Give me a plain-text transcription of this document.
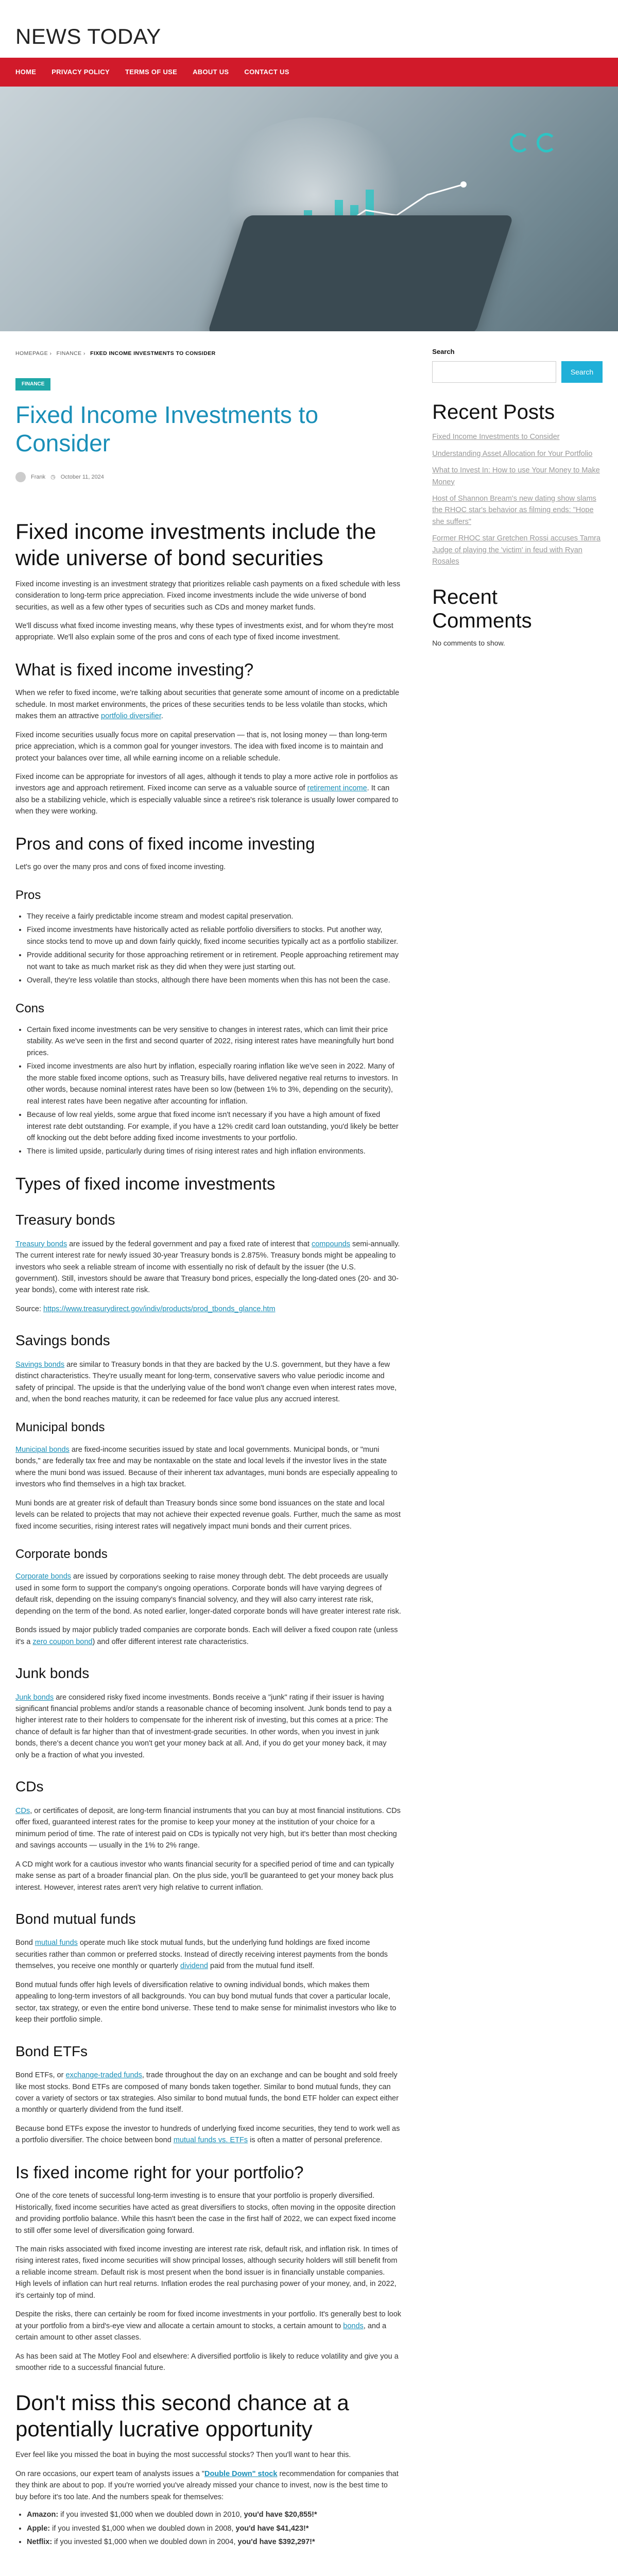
NEWS TODAY
HOME PRIVACY POLICY TERMS OF USE ABOUT US CONTACT US
HOMEPAGE › FINANCE › FIXED INCOME INVESTMENTS TO CONSIDER
FINANCE
Fixed Income Investments to Consider
Frank ◷ October 11, 2024
Fixed income investments include the wide universe of bond securities

Fixed income investing is an investment strategy that prioritizes reliable cash payments on a fixed schedule with less consideration to long-term price appreciation. Fixed income investments include the wide universe of bond securities, as well as a few other types of securities such as CDs and money market funds.

We'll discuss what fixed income investing means, why these types of investments exist, and for whom they're most appropriate. We'll also explain some of the pros and cons of each type of fixed income investment.

What is fixed income investing?

When we refer to fixed income, we're talking about securities that generate some amount of income on a predictable schedule. In most market environments, the prices of these securities tends to be less volatile than stocks, which makes them an attractive portfolio diversifier.

Fixed income securities usually focus more on capital preservation — that is, not losing money — than long-term price appreciation, which is a common goal for younger investors. The idea with fixed income is to maintain and protect your balances over time, all while earning income on a reliable schedule.

Fixed income can be appropriate for investors of all ages, although it tends to play a more active role in portfolios as investors age and approach retirement. Fixed income can serve as a valuable source of retirement income. It can also be a stabilizing vehicle, which is especially valuable since a retiree's risk tolerance is usually lower compared to when they were working.

Pros and cons of fixed income investing

Let's go over the many pros and cons of fixed income investing.

Pros
• They receive a fairly predictable income stream and modest capital preservation.
• Fixed income investments have historically acted as reliable portfolio diversifiers to stocks. Put another way, since stocks tend to move up and down fairly quickly, fixed income securities typically act as a portfolio stabilizer.
• Provide additional security for those approaching retirement or in retirement. People approaching retirement may not want to take as much market risk as they did when they were just starting out.
• Overall, they're less volatile than stocks, although there have been moments when this has not been the case.
Cons
• Certain fixed income investments can be very sensitive to changes in interest rates, which can limit their price stability. As we've seen in the first and second quarter of 2022, rising interest rates have meaningfully hurt bond prices.
• Fixed income investments are also hurt by inflation, especially roaring inflation like we've seen in 2022. Many of the more stable fixed income options, such as Treasury bills, have delivered negative real returns to investors. In other words, because nominal interest rates have been so low (between 1% to 3%, depending on the security), real interest rates have been negative after accounting for inflation.
• Because of low real yields, some argue that fixed income isn't necessary if you have a high amount of fixed interest rate debt outstanding. For example, if you have a 12% credit card loan outstanding, you'd likely be better off knocking out the debt before adding fixed income investments to your portfolio.
• There is limited upside, particularly during times of rising interest rates and high inflation environments.
Types of fixed income investments
Treasury bonds

Treasury bonds are issued by the federal government and pay a fixed rate of interest that compounds semi-annually. The current interest rate for newly issued 30-year Treasury bonds is 2.875%. Treasury bonds might be appealing to investors who seek a reliable stream of income with essentially no risk of default by the issuer (the U.S. government). Still, investors should be aware that Treasury bond prices, especially the long-dated ones (20- and 30-year bonds), come with interest rate risk.

Source: https://www.treasurydirect.gov/indiv/products/prod_tbonds_glance.htm

Savings bonds

Savings bonds are similar to Treasury bonds in that they are backed by the U.S. government, but they have a few distinct characteristics. They're usually meant for long-term, conservative savers who value periodic income and safety of principal. The upside is that the underlying value of the bond won't change even when interest rates move, and, when the bond reaches maturity, it can be redeemed for face value plus any accrued interest.

Municipal bonds

Municipal bonds are fixed-income securities issued by state and local governments. Municipal bonds, or "muni bonds," are federally tax free and may be nontaxable on the state and local levels if the investor lives in the state where the muni bond was issued. Because of their inherent tax advantages, muni bonds are especially appealing to investors who find themselves in a high tax bracket.

Muni bonds are at greater risk of default than Treasury bonds since some bond issuances on the state and local levels can be related to projects that may not achieve their expected revenue goals. Further, much the same as most fixed income securities, rising interest rates will negatively impact muni bonds and their current prices.

Corporate bonds

Corporate bonds are issued by corporations seeking to raise money through debt. The debt proceeds are usually used in some form to support the company's ongoing operations. Corporate bonds will have varying degrees of default risk, depending on the issuing company's financial solvency, and they will also carry interest rate risk, depending on the term of the bond. As noted earlier, longer-dated corporate bonds will have greater interest rate risk.

Bonds issued by major publicly traded companies are corporate bonds. Each will deliver a fixed coupon rate (unless it's a zero coupon bond) and offer different interest rate characteristics.

Junk bonds

Junk bonds are considered risky fixed income investments. Bonds receive a "junk" rating if their issuer is having significant financial problems and/or stands a reasonable chance of becoming insolvent. Junk bonds tend to pay a higher interest rate to their holders to compensate for the inherent risk of investing, but this comes at a price: The chance of default is far higher than that of investment-grade securities. In other words, when you invest in junk bonds, there's a decent chance you won't get your money back at all. And, if you do get your money back, it may only be a fraction of what you invested.

CDs

CDs, or certificates of deposit, are long-term financial instruments that you can buy at most financial institutions. CDs offer fixed, guaranteed interest rates for the promise to keep your money at the institution of your choice for a minimum period of time. The rate of interest paid on CDs is typically not very high, but it's better than most checking and savings accounts — usually in the 1% to 2% range.

A CD might work for a cautious investor who wants financial security for a specified period of time and can typically make sense as part of a broader financial plan. On the plus side, you'll be guaranteed to get your money back plus interest. However, interest rates aren't very high relative to current inflation.

Bond mutual funds

Bond mutual funds operate much like stock mutual funds, but the underlying fund holdings are fixed income securities rather than common or preferred stocks. Instead of directly receiving interest payments from the bonds themselves, you receive one monthly or quarterly dividend paid from the mutual fund itself.

Bond mutual funds offer high levels of diversification relative to owning individual bonds, which makes them appealing to long-term investors of all backgrounds. You can buy bond mutual funds that cover a particular locale, sector, tax strategy, or even the entire bond universe. These tend to make sense for minimalist investors who like to keep their portfolio simple.

Bond ETFs

Bond ETFs, or exchange-traded funds, trade throughout the day on an exchange and can be bought and sold freely like most stocks. Bond ETFs are composed of many bonds taken together. Similar to bond mutual funds, they can cover a variety of sectors or tax strategies. Also similar to bond mutual funds, the bond ETF holder can expect either a monthly or quarterly dividend from the fund itself.

Because bond ETFs expose the investor to hundreds of underlying fixed income securities, they tend to work well as a portfolio diversifier. The choice between bond mutual funds vs. ETFs is often a matter of personal preference.

Is fixed income right for your portfolio?

One of the core tenets of successful long-term investing is to ensure that your portfolio is properly diversified. Historically, fixed income securities have acted as great diversifiers to stocks, often moving in the opposite direction and providing portfolio balance. While this hasn't been the case in the first half of 2022, we can expect fixed income to still offer some level of diversification going forward.

The main risks associated with fixed income investing are interest rate risk, default risk, and inflation risk. In times of rising interest rates, fixed income securities will show principal losses, although security holders will still benefit from a reliable income stream. Default risk is most present when the bond issuer is in financially unstable companies. High levels of inflation can hurt real returns. Inflation erodes the real purchasing power of your money, and, in 2022, it's certainly top of mind.

Despite the risks, there can certainly be room for fixed income investments in your portfolio. It's generally best to look at your portfolio from a bird's-eye view and allocate a certain amount to stocks, a certain amount to bonds, and a certain amount to other asset classes.

As has been said at The Motley Fool and elsewhere: A diversified portfolio is likely to reduce volatility and give you a smoother ride to a successful financial future.

Don't miss this second chance at a potentially lucrative opportunity

Ever feel like you missed the boat in buying the most successful stocks? Then you'll want to hear this.

On rare occasions, our expert team of analysts issues a "Double Down" stock recommendation for companies that they think are about to pop. If you're worried you've already missed your chance to invest, now is the best time to buy before it's too late. And the numbers speak for themselves:

• Amazon: if you invested $1,000 when we doubled down in 2010, you'd have $20,855!*
• Apple: if you invested $1,000 when we doubled down in 2008, you'd have $41,423!*
• Netflix: if you invested $1,000 when we doubled down in 2004, you'd have $392,297!*
Search
Search
Recent Posts
Fixed Income Investments to Consider
Understanding Asset Allocation for Your Portfolio
What to Invest In: How to use Your Money to Make Money
Host of Shannon Bream's new dating show slams the RHOC star's behavior as filming ends: "Hope she suffers"
Former RHOC star Gretchen Rossi accuses Tamra Judge of playing the 'victim' in feud with Ryan Rosales
Recent Comments
No comments to show.
